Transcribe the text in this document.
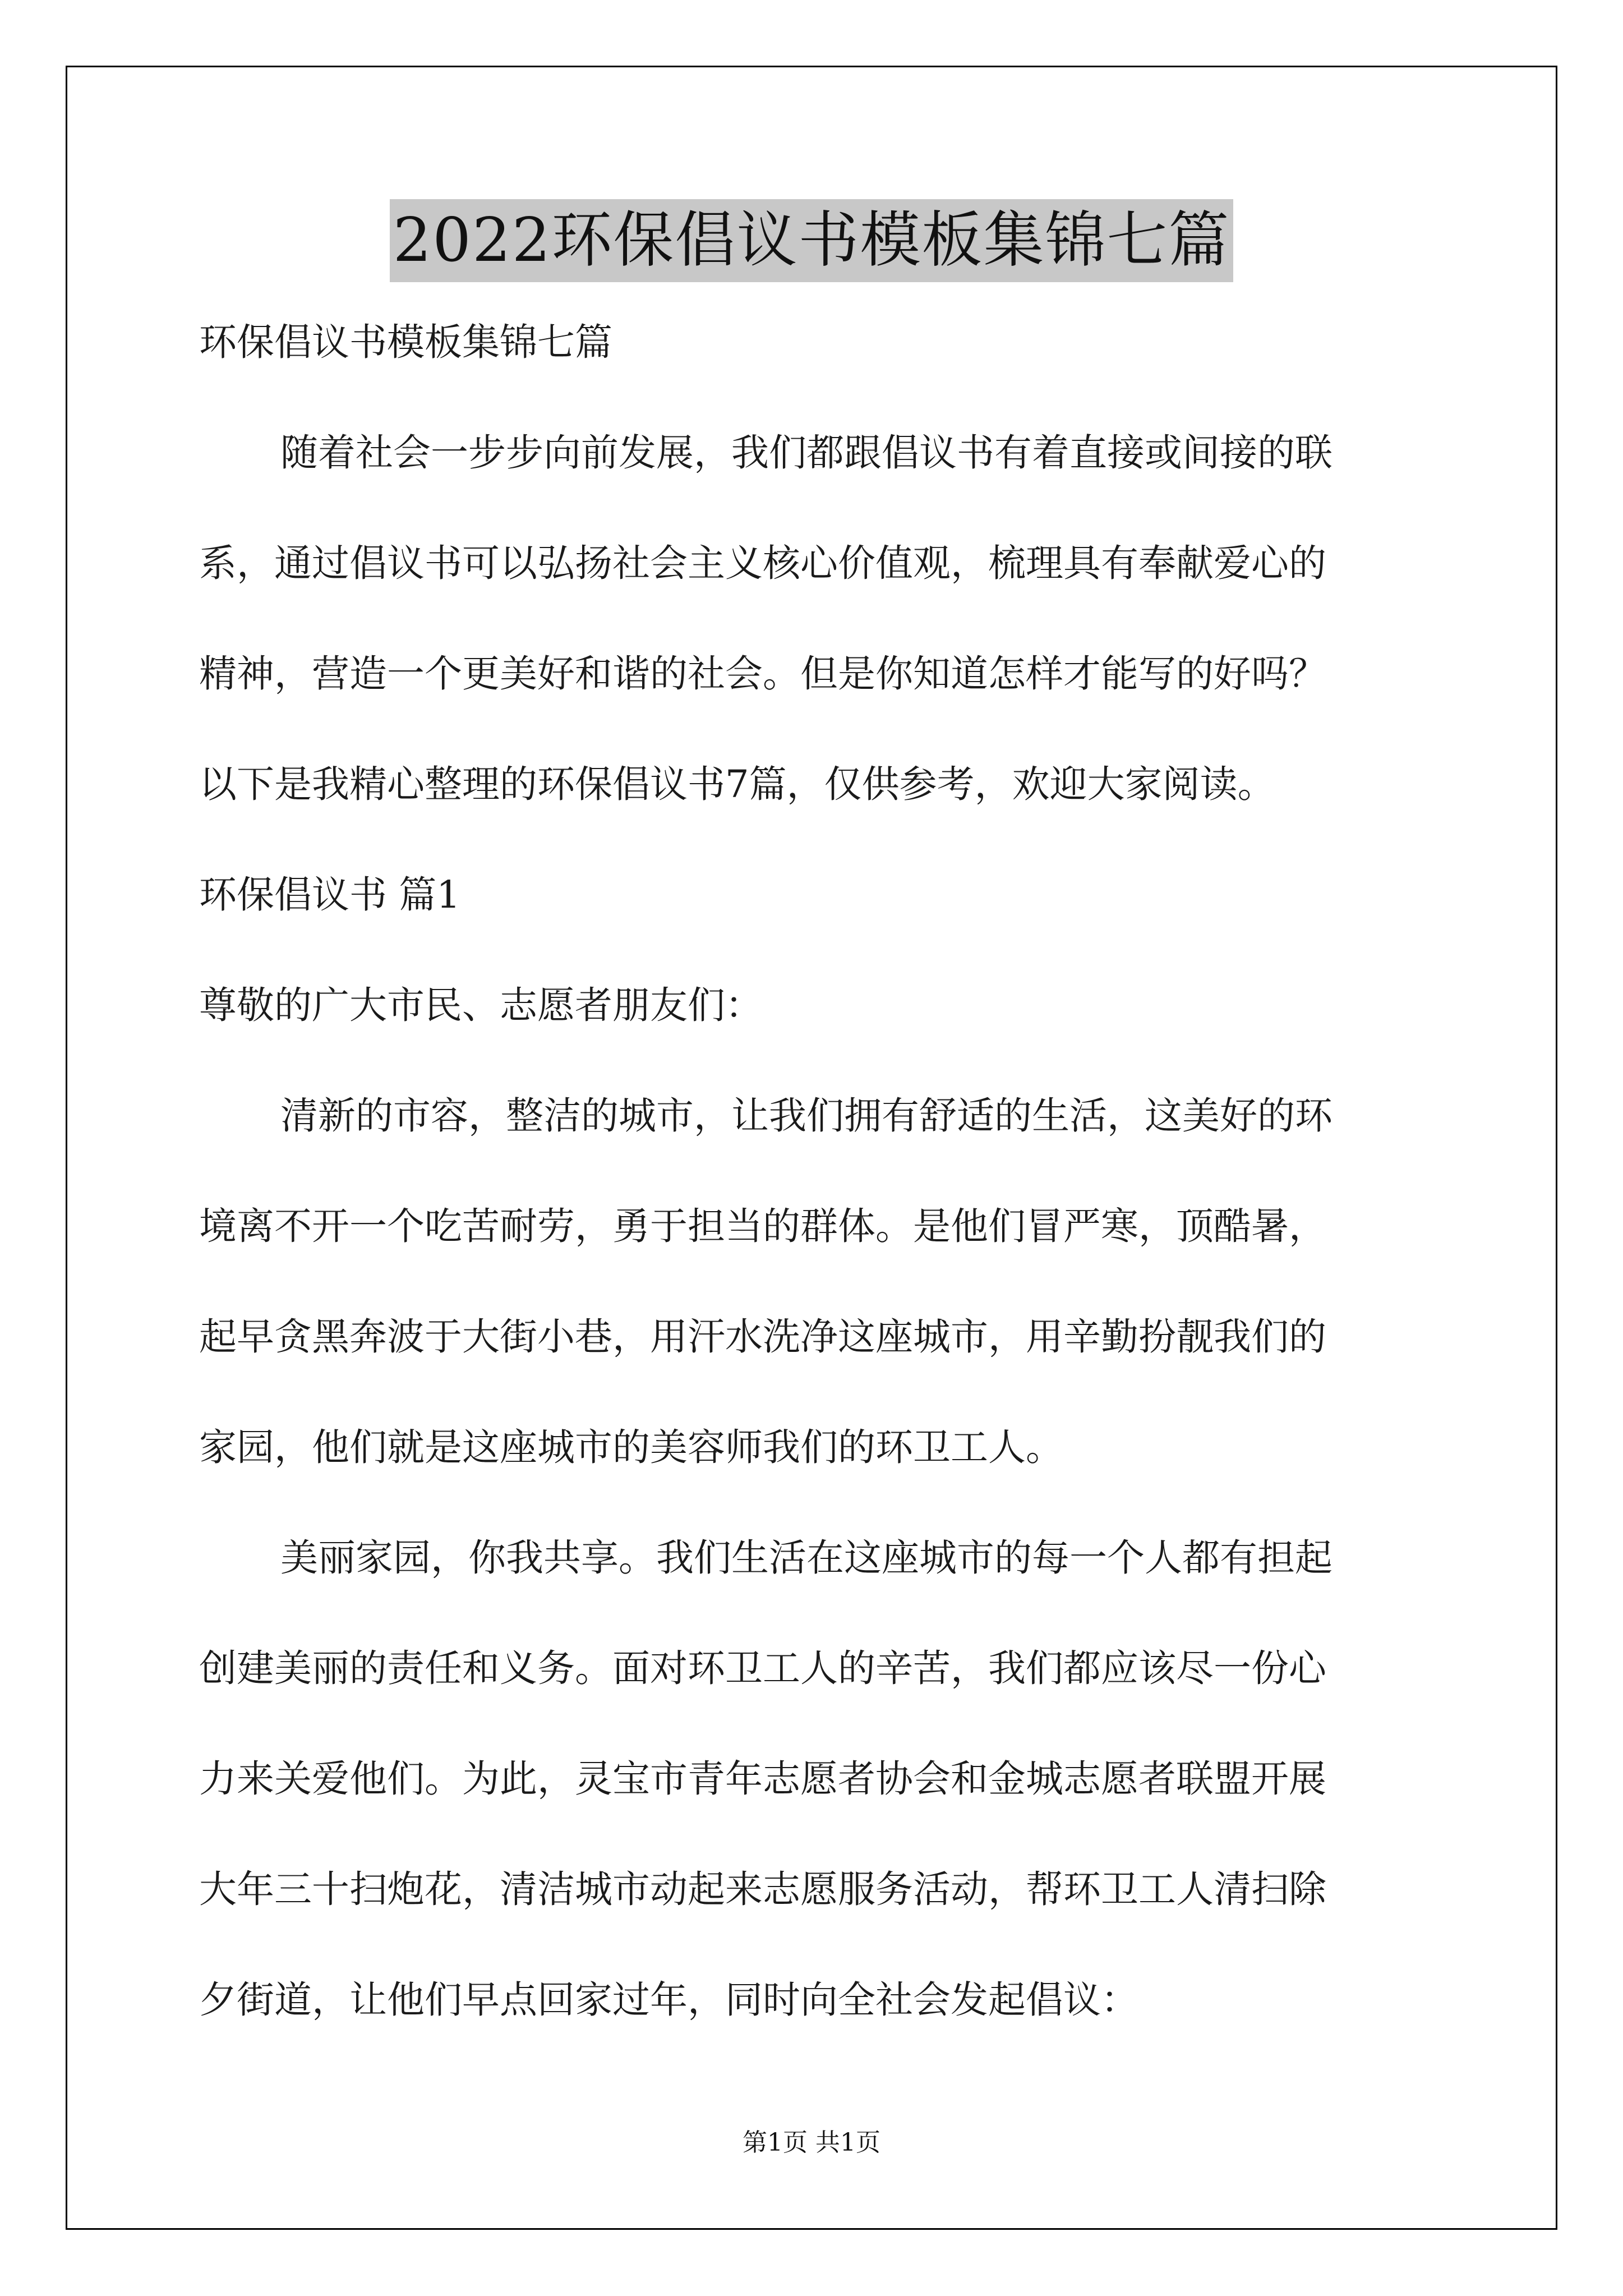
2022环保倡议书模板集锦七篇
环保倡议书模板集锦七篇
随着社会一步步向前发展，我们都跟倡议书有着直接或间接的联
系，通过倡议书可以弘扬社会主义核心价值观，梳理具有奉献爱心的
精神，营造一个更美好和谐的社会。但是你知道怎样才能写的好吗？
以下是我精心整理的环保倡议书7篇，仅供参考，欢迎大家阅读。
环保倡议书 篇1
尊敬的广大市民、志愿者朋友们：
清新的市容，整洁的城市，让我们拥有舒适的生活，这美好的环
境离不开一个吃苦耐劳，勇于担当的群体。是他们冒严寒，顶酷暑，
起早贪黑奔波于大街小巷，用汗水洗净这座城市，用辛勤扮靓我们的
家园，他们就是这座城市的美容师我们的环卫工人。
美丽家园，你我共享。我们生活在这座城市的每一个人都有担起
创建美丽的责任和义务。面对环卫工人的辛苦，我们都应该尽一份心
力来关爱他们。为此，灵宝市青年志愿者协会和金城志愿者联盟开展
大年三十扫炮花，清洁城市动起来志愿服务活动，帮环卫工人清扫除
夕街道，让他们早点回家过年，同时向全社会发起倡议：
第1页 共1页
